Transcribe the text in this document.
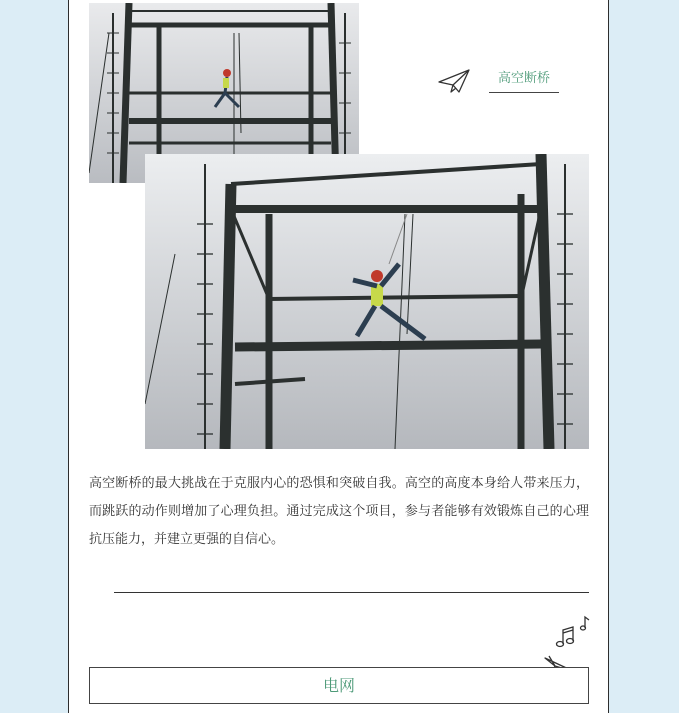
高空断桥

高空断桥的最大挑战在于克服内心的恐惧和突破自我。高空的高度本身给人带来压力，而跳跃的动作则增加了心理负担。通过完成这个项目，参与者能够有效锻炼自己的心理抗压能力，并建立更强的自信心。

电网
